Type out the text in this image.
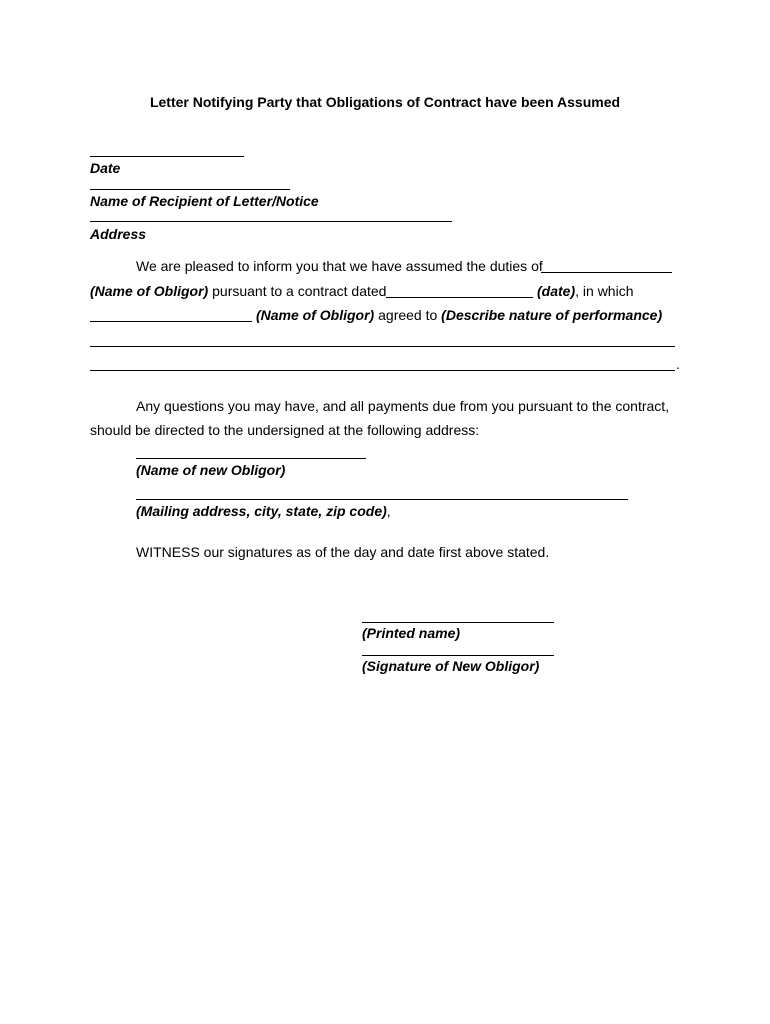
Letter Notifying Party that Obligations of Contract have been Assumed
Date
Name of Recipient of Letter/Notice
Address
We are pleased to inform you that we have assumed the duties of
(Name of Obligor) pursuant to a contract dated	(date), in which
(Name of Obligor) agreed to (Describe nature of performance)
.
Any questions you may have, and all payments due from you pursuant to the contract,
should be directed to the undersigned at the following address:
(Name of new Obligor)
(Mailing address, city, state, zip code),
WITNESS our signatures as of the day and date first above stated.
(Printed name)
(Signature of New Obligor)
